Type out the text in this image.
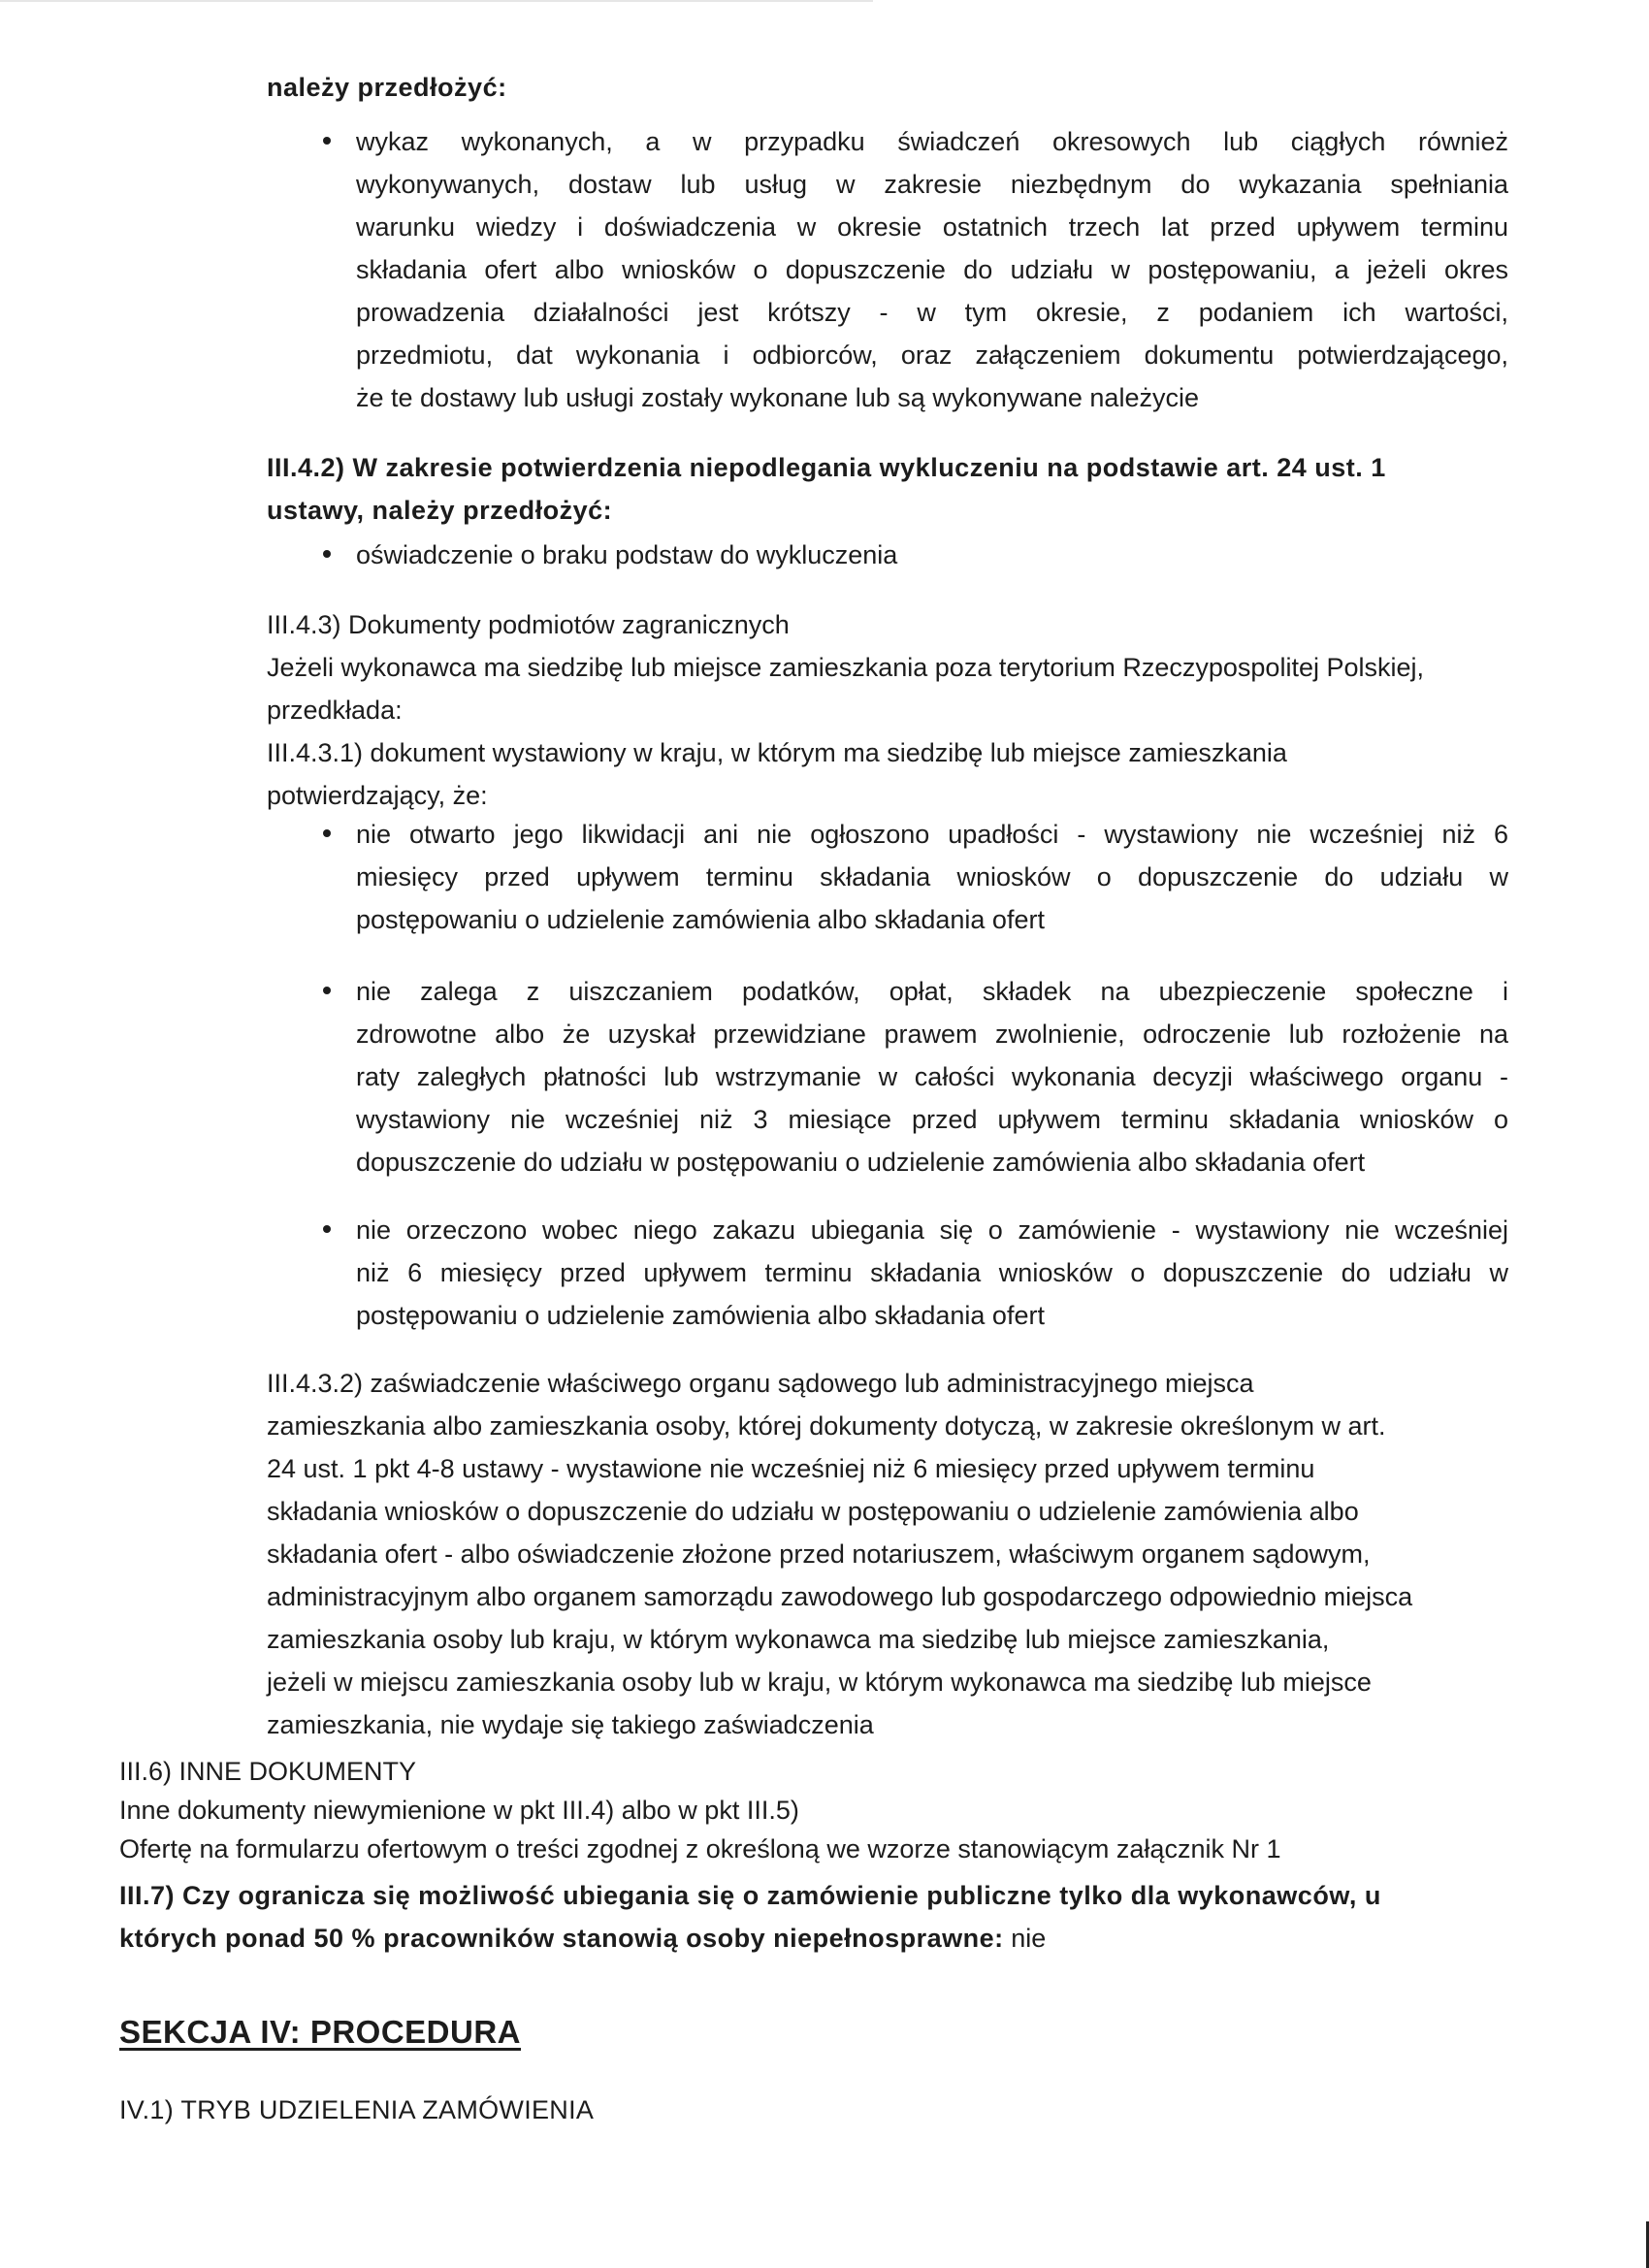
należy przedłożyć:
wykaz wykonanych, a w przypadku świadczeń okresowych lub ciągłych również
wykonywanych, dostaw lub usług w zakresie niezbędnym do wykazania spełniania
warunku wiedzy i doświadczenia w okresie ostatnich trzech lat przed upływem terminu
składania ofert albo wniosków o dopuszczenie do udziału w postępowaniu, a jeżeli okres
prowadzenia działalności jest krótszy - w tym okresie, z podaniem ich wartości,
przedmiotu, dat wykonania i odbiorców, oraz załączeniem dokumentu potwierdzającego,
że te dostawy lub usługi zostały wykonane lub są wykonywane należycie
III.4.2) W zakresie potwierdzenia niepodlegania wykluczeniu na podstawie art. 24 ust. 1
ustawy, należy przedłożyć:
oświadczenie o braku podstaw do wykluczenia
III.4.3) Dokumenty podmiotów zagranicznych
Jeżeli wykonawca ma siedzibę lub miejsce zamieszkania poza terytorium Rzeczypospolitej Polskiej,
przedkłada:
III.4.3.1) dokument wystawiony w kraju, w którym ma siedzibę lub miejsce zamieszkania
potwierdzający, że:
nie otwarto jego likwidacji ani nie ogłoszono upadłości - wystawiony nie wcześniej niż 6
miesięcy przed upływem terminu składania wniosków o dopuszczenie do udziału w
postępowaniu o udzielenie zamówienia albo składania ofert
nie zalega z uiszczaniem podatków, opłat, składek na ubezpieczenie społeczne i
zdrowotne albo że uzyskał przewidziane prawem zwolnienie, odroczenie lub rozłożenie na
raty zaległych płatności lub wstrzymanie w całości wykonania decyzji właściwego organu -
wystawiony nie wcześniej niż 3 miesiące przed upływem terminu składania wniosków o
dopuszczenie do udziału w postępowaniu o udzielenie zamówienia albo składania ofert
nie orzeczono wobec niego zakazu ubiegania się o zamówienie - wystawiony nie wcześniej
niż 6 miesięcy przed upływem terminu składania wniosków o dopuszczenie do udziału w
postępowaniu o udzielenie zamówienia albo składania ofert
III.4.3.2) zaświadczenie właściwego organu sądowego lub administracyjnego miejsca
zamieszkania albo zamieszkania osoby, której dokumenty dotyczą, w zakresie określonym w art.
24 ust. 1 pkt 4-8 ustawy - wystawione nie wcześniej niż 6 miesięcy przed upływem terminu
składania wniosków o dopuszczenie do udziału w postępowaniu o udzielenie zamówienia albo
składania ofert - albo oświadczenie złożone przed notariuszem, właściwym organem sądowym,
administracyjnym albo organem samorządu zawodowego lub gospodarczego odpowiednio miejsca
zamieszkania osoby lub kraju, w którym wykonawca ma siedzibę lub miejsce zamieszkania,
jeżeli w miejscu zamieszkania osoby lub w kraju, w którym wykonawca ma siedzibę lub miejsce
zamieszkania, nie wydaje się takiego zaświadczenia
III.6) INNE DOKUMENTY
Inne dokumenty niewymienione w pkt III.4) albo w pkt III.5)
Ofertę na formularzu ofertowym o treści zgodnej z określoną we wzorze stanowiącym załącznik Nr 1
III.7) Czy ogranicza się możliwość ubiegania się o zamówienie publiczne tylko dla wykonawców, u
których ponad 50 % pracowników stanowią osoby niepełnosprawne: nie
SEKCJA IV: PROCEDURA
IV.1) TRYB UDZIELENIA ZAMÓWIENIA
